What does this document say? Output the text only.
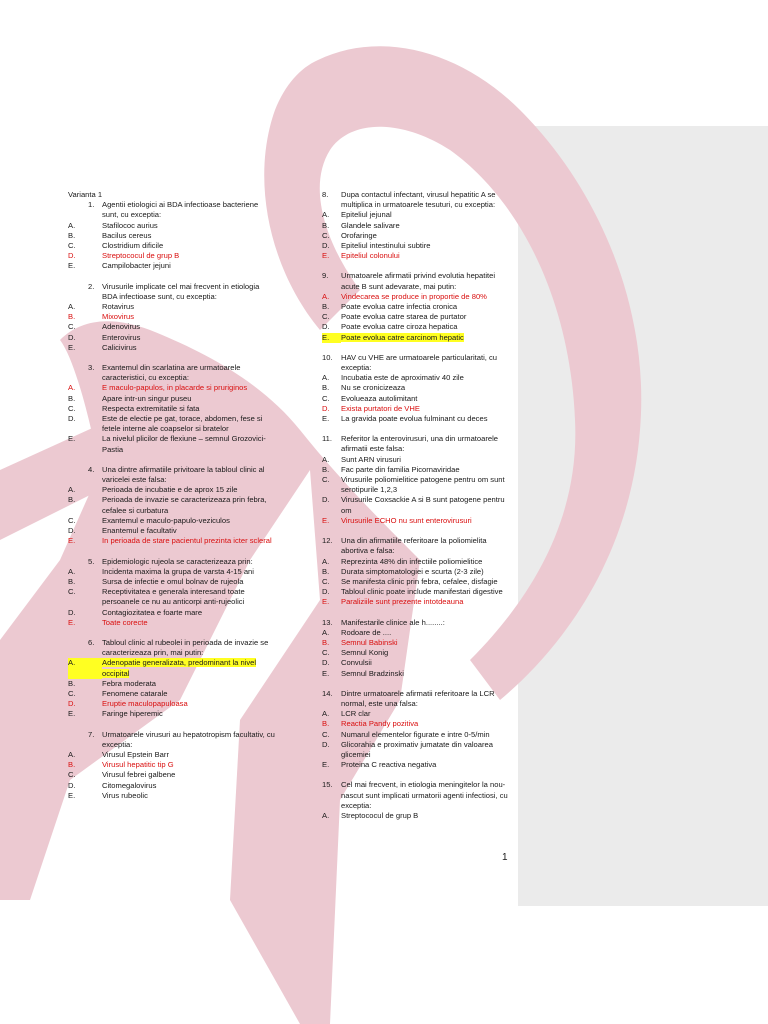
Varianta 1
1.	Agentii etiologici ai BDA infectioase bacteriene sunt, cu exceptia:
A.	Stafilococ aurius
B.	Bacilus cereus
C.	Clostridium dificile
D.	Streptococul de grup B
E.	Campilobacter jejuni
2.	Virusurile implicate cel mai frecvent in etiologia BDA infectioase sunt, cu exceptia:
A.	Rotavirus
B.	Mixovirus
C.	Adenovirus
D.	Enterovirus
E.	Calicivirus
3.	Exantemul din scarlatina are urmatoarele caracteristici, cu exceptia:
A.	E maculo-papulos, in placarde si pruriginos
B.	Apare intr-un singur puseu
C.	Respecta extremitatile si fata
D.	Este de electie pe gat, torace, abdomen, fese si fetele interne ale coapselor si bratelor
E.	La nivelul plicilor de flexiune – semnul Grozovici-Pastia
4.	Una dintre afirmatiile privitoare la tabloul clinic al varicelei este falsa:
A.	Perioada de incubatie e de aprox 15 zile
B.	Perioada de invazie se caracterizeaza prin febra, cefalee si curbatura
C.	Exantemul e maculo-papulo-veziculos
D.	Enantemul e facultativ
E.	In perioada de stare pacientul prezinta icter scleral
5.	Epidemiologic rujeola se caracterizeaza prin:
A.	Incidenta maxima la grupa de varsta 4-15 ani
B.	Sursa de infectie e omul bolnav de rujeola
C.	Receptivitatea e generala interesand toate persoanele ce nu au anticorpi anti-rujeolici
D.	Contagiozitatea e foarte mare
E.	Toate corecte
6.	Tabloul clinic al rubeolei in perioada de invazie se caracterizeaza prin, mai putin:
A.	Adenopatie generalizata, predominant la nivel occipital
B.	Febra moderata
C.	Fenomene catarale
D.	Eruptie maculopapuloasa
E.	Faringe hiperemic
7.	Urmatoarele virusuri au hepatotropism facultativ, cu exceptia:
A.	Virusul Epstein Barr
B.	Virusul hepatitic tip G
C.	Virusul febrei galbene
D.	Citomegalovirus
E.	Virus rubeolic
8.	Dupa contactul infectant, virusul hepatitic A se multiplica in urmatoarele tesuturi, cu exceptia:
A.	Epiteliul jejunal
B.	Glandele salivare
C.	Orofaringe
D.	Epiteliul intestinului subtire
E.	Epiteliul colonului
9.	Urmatoarele afirmatii privind evolutia hepatitei acute B sunt adevarate, mai putin:
A.	Vindecarea se produce in proportie de 80%
B.	Poate evolua catre infectia cronica
C.	Poate evolua catre starea de purtator
D.	Poate evolua catre ciroza hepatica
E.	Poate evolua catre carcinom hepatic
10.	HAV cu VHE are urmatoarele particularitati, cu exceptia:
A.	Incubatia este de aproximativ 40 zile
B.	Nu se cronicizeaza
C.	Evolueaza autolimitant
D.	Exista purtatori de VHE
E.	La gravida poate evolua fulminant cu deces
11.	Referitor la enterovirusuri, una din urmatoarele afirmatii este falsa:
A.	Sunt ARN virusuri
B.	Fac parte din familia Picornaviridae
C.	Virusurile poliomielitice patogene pentru om sunt serotipurile 1,2,3
D.	Virusurile Coxsackie A si B sunt patogene pentru om
E.	Virusurile ECHO nu sunt enterovirusuri
12.	Una din afirmatiile referitoare la poliomielita abortiva e falsa:
A.	Reprezinta 48% din infectiile poliomielitice
B.	Durata simptomatologiei e scurta (2-3 zile)
C.	Se manifesta clinic prin febra, cefalee, disfagie
D.	Tabloul clinic poate include manifestari digestive
E.	Paraliziile sunt prezente intotdeauna
13.	Manifestarile clinice ale h........:
A.	Rodoare de ....
B.	Semnul Babinski
C.	Semnul Konig
D.	Convulsii
E.	Semnul Bradzinski
14.	Dintre urmatoarele afirmatii referitoare la LCR normal, este una falsa:
A.	LCR clar
B.	Reactia Pandy pozitiva
C.	Numarul elementelor figurate e intre 0-5/min
D.	Glicorahia e proximativ jumatate din valoarea glicemiei
E.	Proteina C reactiva negativa
15.	Cel mai frecvent, in etiologia meningitelor la nou-nascut sunt implicati urmatorii agenti infectiosi, cu exceptia:
A.	Streptococul de grup B
1
